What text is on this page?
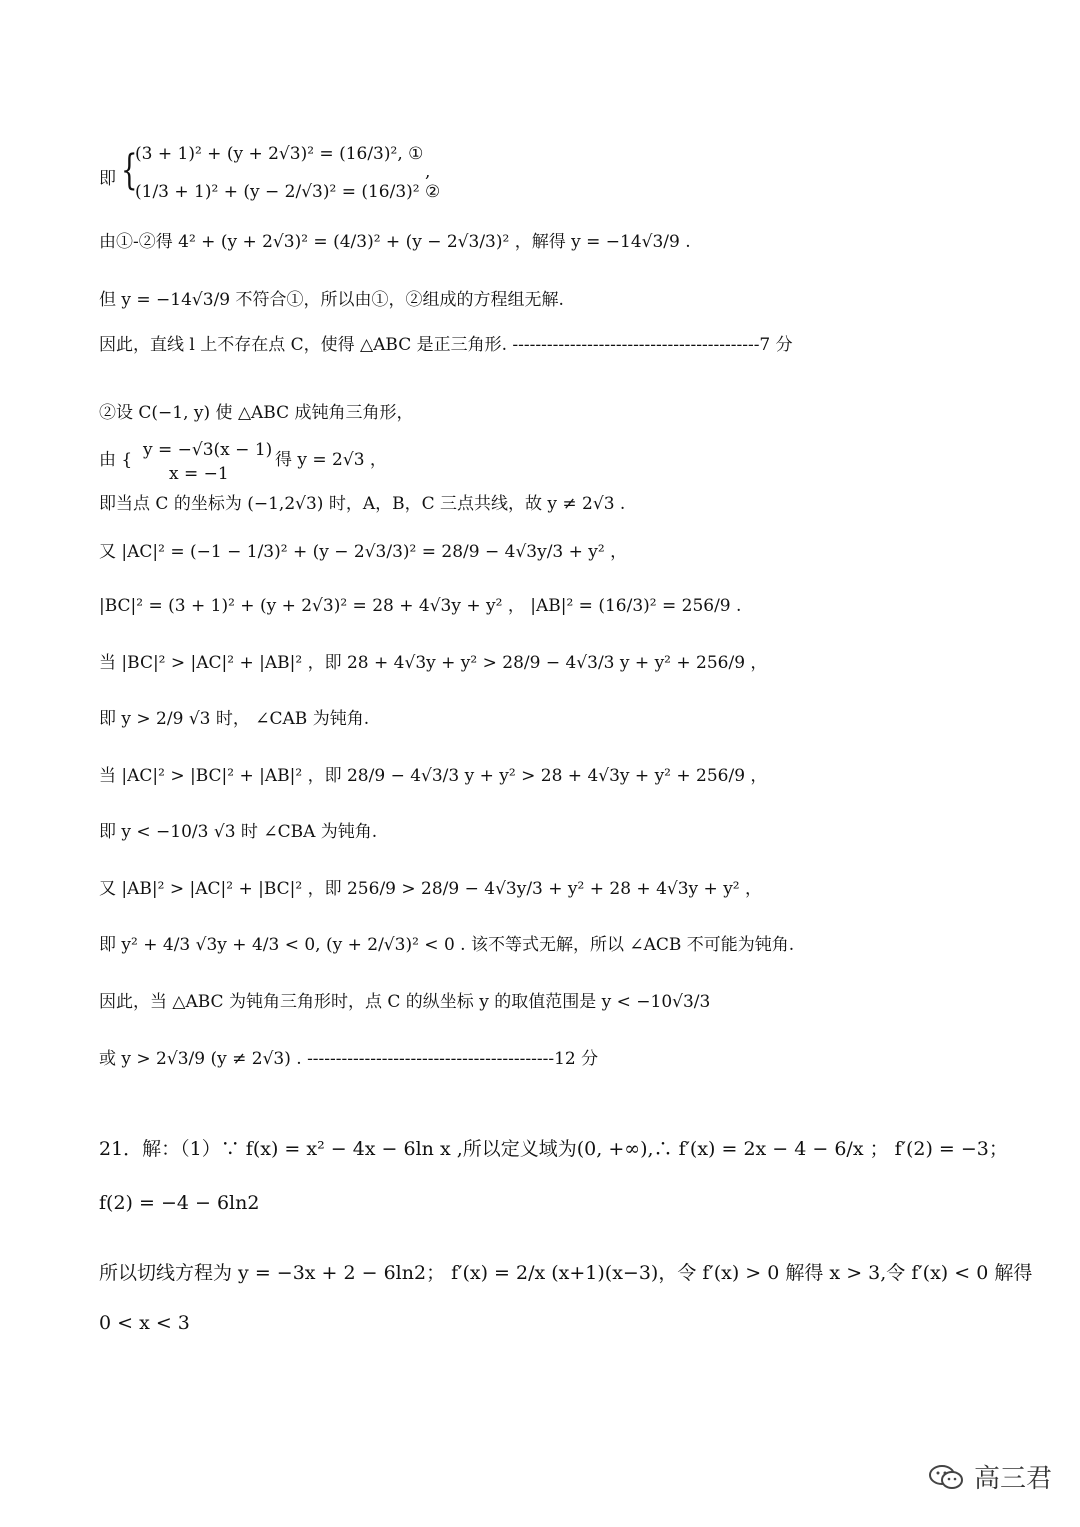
即 {
(3 + 1)² + (y + 2√3)² = (16/3)², ①
(1/3 + 1)² + (y − 2/√3)² = (16/3)² ②
,
由①-②得 4² + (y + 2√3)² = (4/3)² + (y − 2√3/3)² ，解得 y = −14√3/9 .
但 y = −14√3/9 不符合①，所以由①，②组成的方程组无解.
因此，直线 l 上不存在点 C，使得 △ABC 是正三角形. -------------------------------------------7 分
②设 C(−1, y) 使 △ABC 成钝角三角形，
由 { y = −√3(x − 1)
x = −1
得 y = 2√3 ，
即当点 C 的坐标为 (−1,2√3) 时，A，B，C 三点共线，故 y ≠ 2√3 .
又 |AC|² = (−1 − 1/3)² + (y − 2√3/3)² = 28/9 − 4√3y/3 + y² ，
|BC|² = (3 + 1)² + (y + 2√3)² = 28 + 4√3y + y² ， |AB|² = (16/3)² = 256/9 .
当 |BC|² > |AC|² + |AB|² ，即 28 + 4√3y + y² > 28/9 − 4√3/3 y + y² + 256/9 ，
即 y > 2/9 √3 时， ∠CAB 为钝角.
当 |AC|² > |BC|² + |AB|² ，即 28/9 − 4√3/3 y + y² > 28 + 4√3y + y² + 256/9 ，
即 y < −10/3 √3 时 ∠CBA 为钝角.
又 |AB|² > |AC|² + |BC|² ，即 256/9 > 28/9 − 4√3y/3 + y² + 28 + 4√3y + y² ，
即 y² + 4/3 √3y + 4/3 < 0, (y + 2/√3)² < 0 . 该不等式无解，所以 ∠ACB 不可能为钝角.
因此，当 △ABC 为钝角三角形时，点 C 的纵坐标 y 的取值范围是 y < −10√3/3
或 y > 2√3/9 (y ≠ 2√3) . -------------------------------------------12 分
21．解：（1）∵ f(x) = x² − 4x − 6ln x ,所以定义域为(0, +∞),∴ f′(x) = 2x − 4 − 6/x ； f′(2) = −3；
f(2) = −4 − 6ln2
所以切线方程为 y = −3x + 2 − 6ln2； f′(x) = 2/x (x+1)(x−3)，令 f′(x) > 0 解得 x > 3,令 f′(x) < 0 解得
0 < x < 3
高三君
